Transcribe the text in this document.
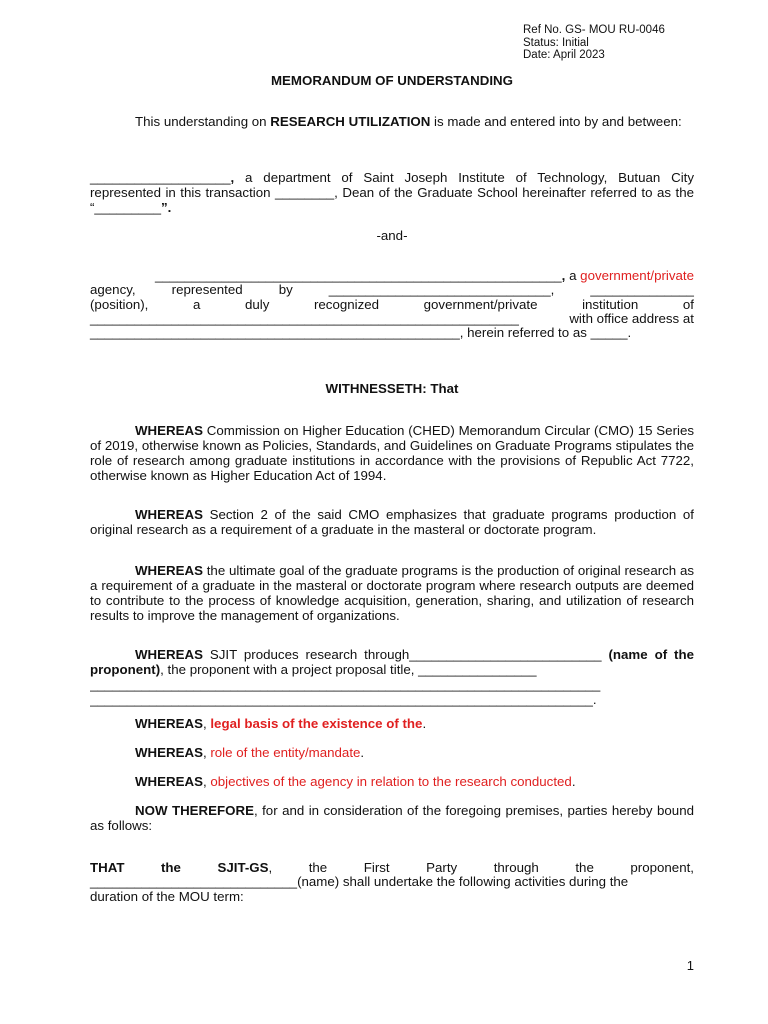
Ref No. GS- MOU RU-0046
Status: Initial
Date: April 2023
MEMORANDUM OF UNDERSTANDING

This understanding on RESEARCH UTILIZATION is made and entered into by and between:

___________________, a department of Saint Joseph Institute of Technology, Butuan City represented in this transaction ________, Dean of the Graduate School hereinafter referred to as the “_________”.

-and-
_______________________________________________________, a government/private
agency,	represented	by	______________________________,	______________
(position),	a	duly	recognized	government/private	institution	of
__________________________________________________________	with office address at
__________________________________________________, herein referred to as _____.
WITHNESSETH: That

WHEREAS Commission on Higher Education (CHED) Memorandum Circular (CMO) 15 Series of 2019, otherwise known as Policies, Standards, and Guidelines on Graduate Programs stipulates the role of research among graduate institutions in accordance with the provisions of Republic Act 7722, otherwise known as Higher Education Act of 1994.

WHEREAS Section 2 of the said CMO emphasizes that graduate programs production of original research as a requirement of a graduate in the masteral or doctorate program.

WHEREAS the ultimate goal of the graduate programs is the production of original research as a requirement of a graduate in the masteral or doctorate program where research outputs are deemed to contribute to the process of knowledge acquisition, generation, sharing, and utilization of research results to improve the management of organizations.

WHEREAS SJIT produces research through__________________________ (name of the proponent), the proponent with a project proposal title, ________________

_____________________________________________________________________
____________________________________________________________________.

WHEREAS, legal basis of the existence of the.

WHEREAS, role of the entity/mandate.

WHEREAS, objectives of the agency in relation to the research conducted.

NOW THEREFORE, for and in consideration of the foregoing premises, parties hereby bound as follows:

THAT	the	SJIT-GS,	the	First	Party	through	the	proponent,
____________________________(name) shall undertake the following activities during the
duration of the MOU term:
1
